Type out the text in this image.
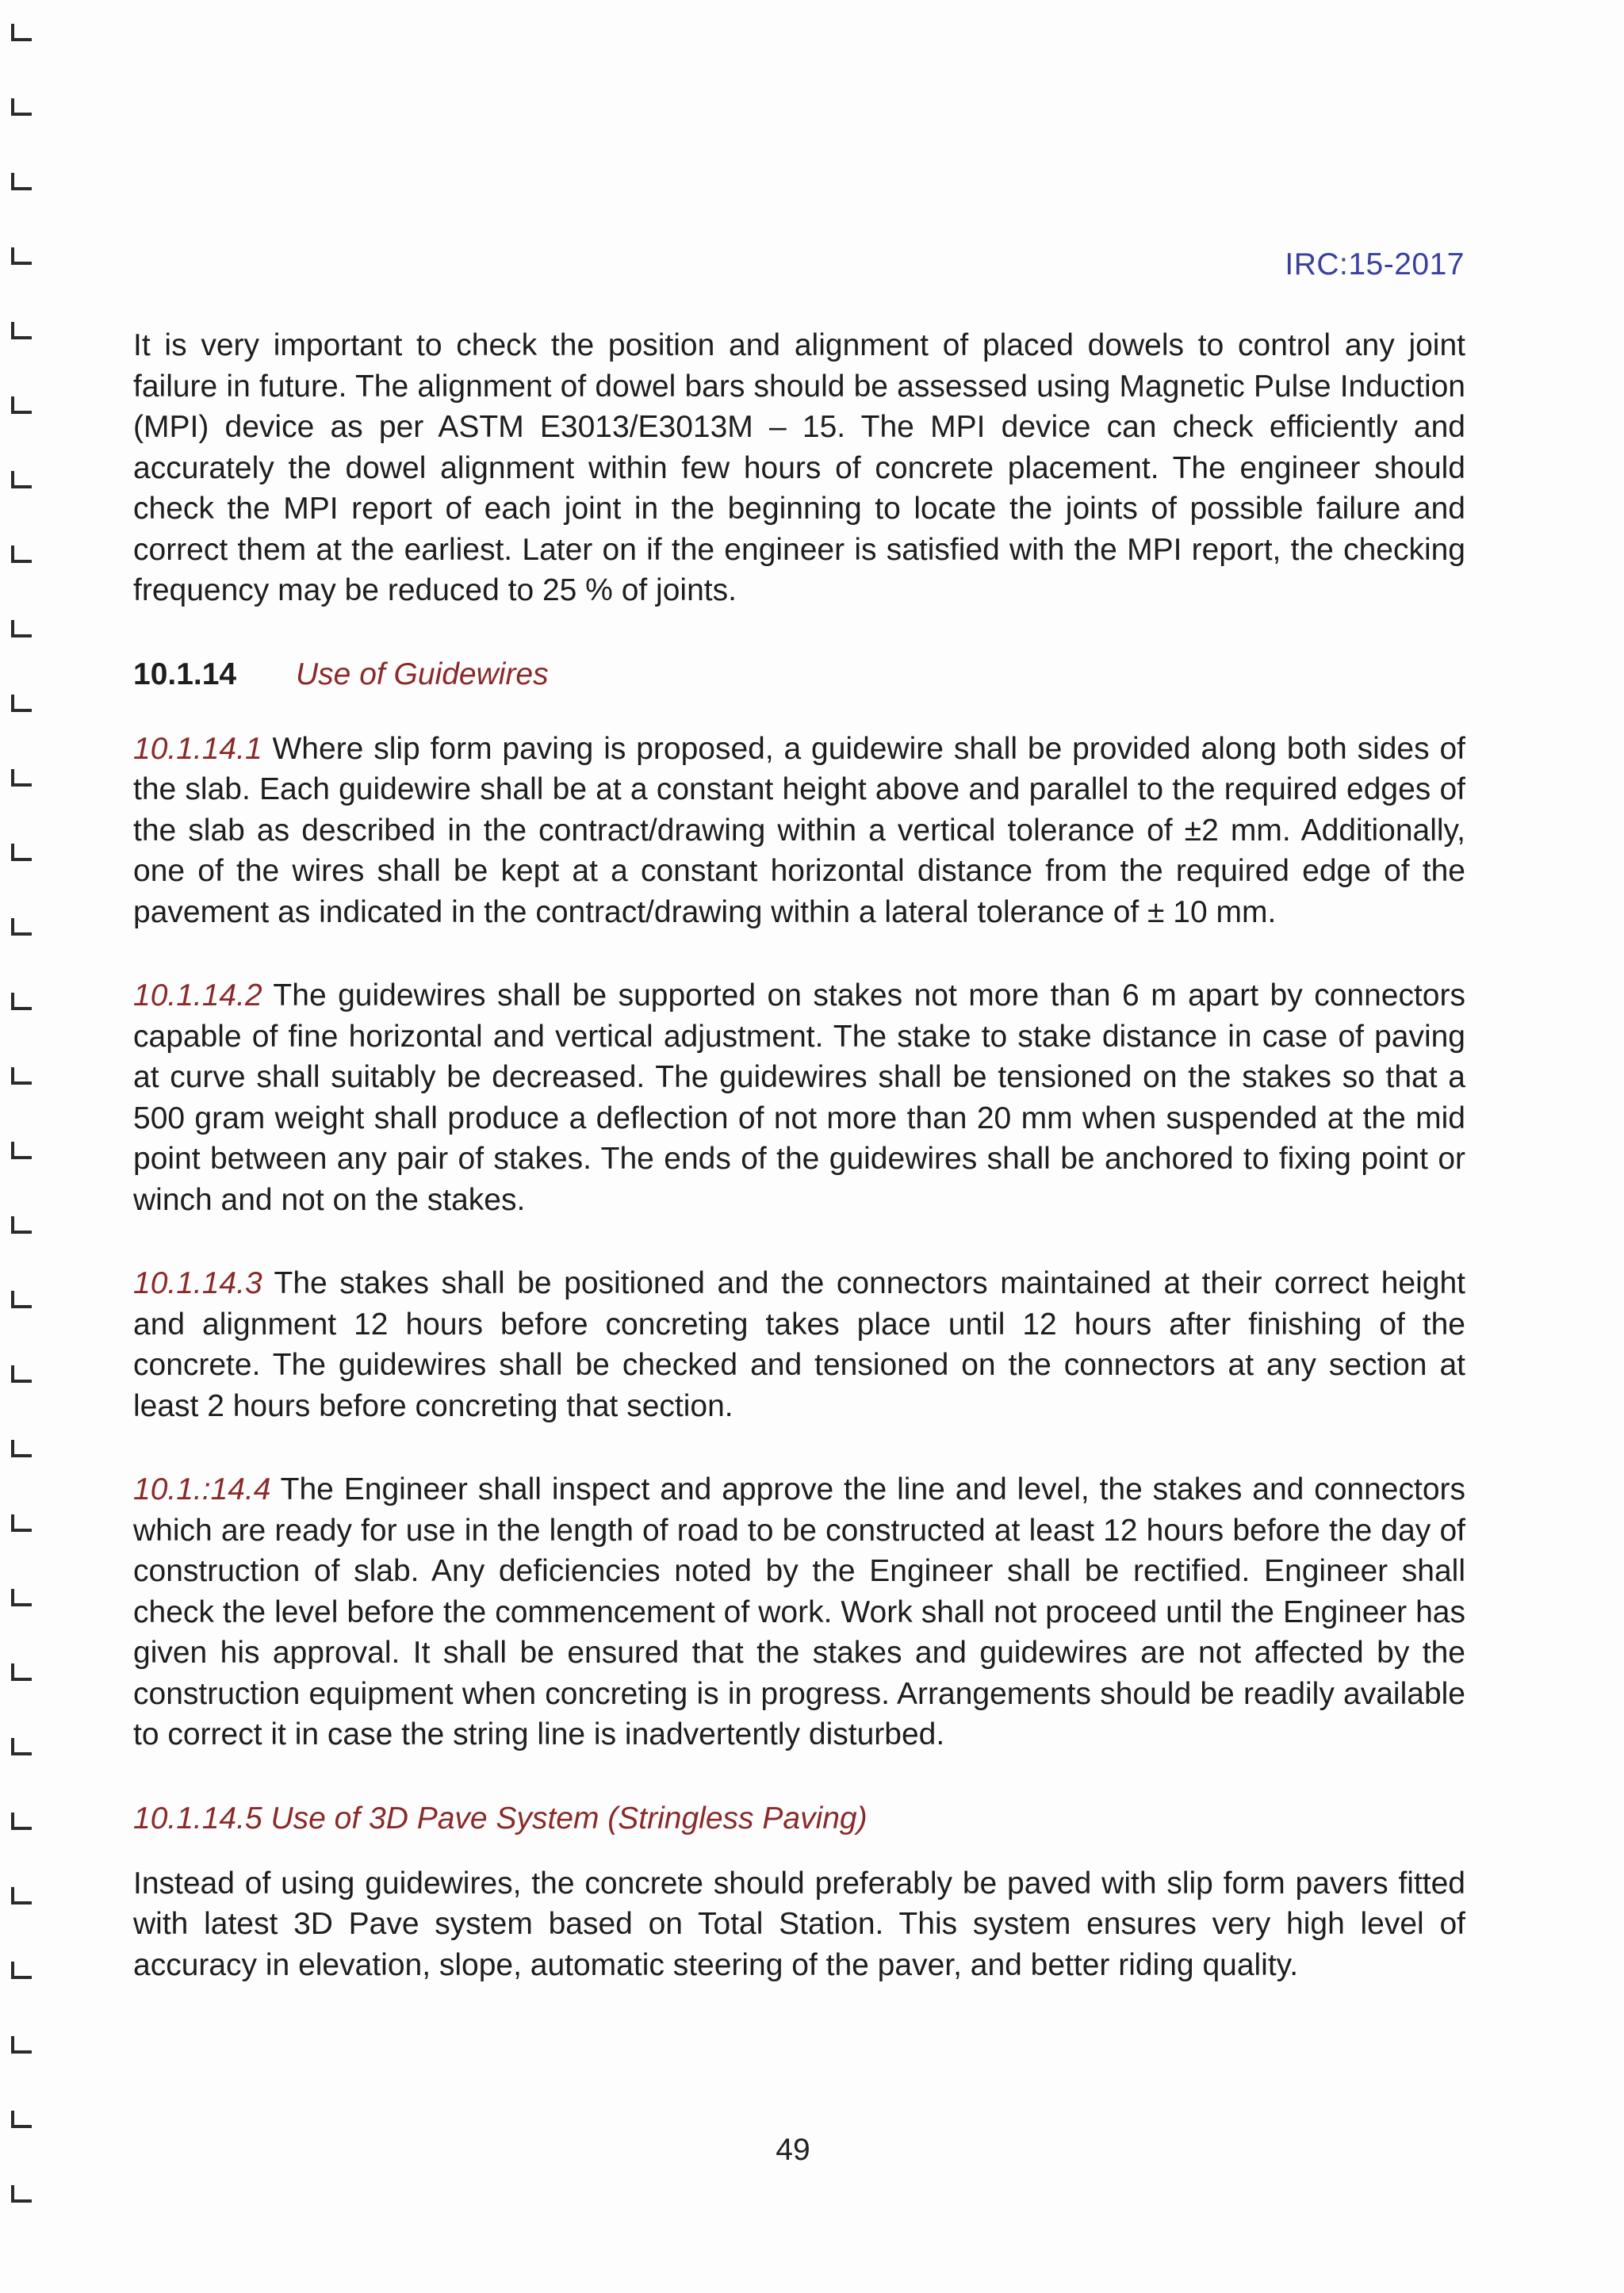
IRC:15-2017

It is very important to check the position and alignment of placed dowels to control any joint failure in future. The alignment of dowel bars should be assessed using Magnetic Pulse Induction (MPI) device as per ASTM E3013/E3013M – 15. The MPI device can check efficiently and accurately the dowel alignment within few hours of concrete placement. The engineer should check the MPI report of each joint in the beginning to locate the joints of possible failure and correct them at the earliest. Later on if the engineer is satisfied with the MPI report, the checking frequency may be reduced to 25 % of joints.

10.1.14 Use of Guidewires

10.1.14.1 Where slip form paving is proposed, a guidewire shall be provided along both sides of the slab. Each guidewire shall be at a constant height above and parallel to the required edges of the slab as described in the contract/drawing within a vertical tolerance of ±2 mm. Additionally, one of the wires shall be kept at a constant horizontal distance from the required edge of the pavement as indicated in the contract/drawing within a lateral tolerance of ± 10 mm.

10.1.14.2 The guidewires shall be supported on stakes not more than 6 m apart by connectors capable of fine horizontal and vertical adjustment. The stake to stake distance in case of paving at curve shall suitably be decreased. The guidewires shall be tensioned on the stakes so that a 500 gram weight shall produce a deflection of not more than 20 mm when suspended at the mid point between any pair of stakes. The ends of the guidewires shall be anchored to fixing point or winch and not on the stakes.

10.1.14.3 The stakes shall be positioned and the connectors maintained at their correct height and alignment 12 hours before concreting takes place until 12 hours after finishing of the concrete. The guidewires shall be checked and tensioned on the connectors at any section at least 2 hours before concreting that section.

10.1.:14.4 The Engineer shall inspect and approve the line and level, the stakes and connectors which are ready for use in the length of road to be constructed at least 12 hours before the day of construction of slab. Any deficiencies noted by the Engineer shall be rectified. Engineer shall check the level before the commencement of work. Work shall not proceed until the Engineer has given his approval. It shall be ensured that the stakes and guidewires are not affected by the construction equipment when concreting is in progress. Arrangements should be readily available to correct it in case the string line is inadvertently disturbed.

10.1.14.5 Use of 3D Pave System (Stringless Paving)

Instead of using guidewires, the concrete should preferably be paved with slip form pavers fitted with latest 3D Pave system based on Total Station. This system ensures very high level of accuracy in elevation, slope, automatic steering of the paver, and better riding quality.

49
